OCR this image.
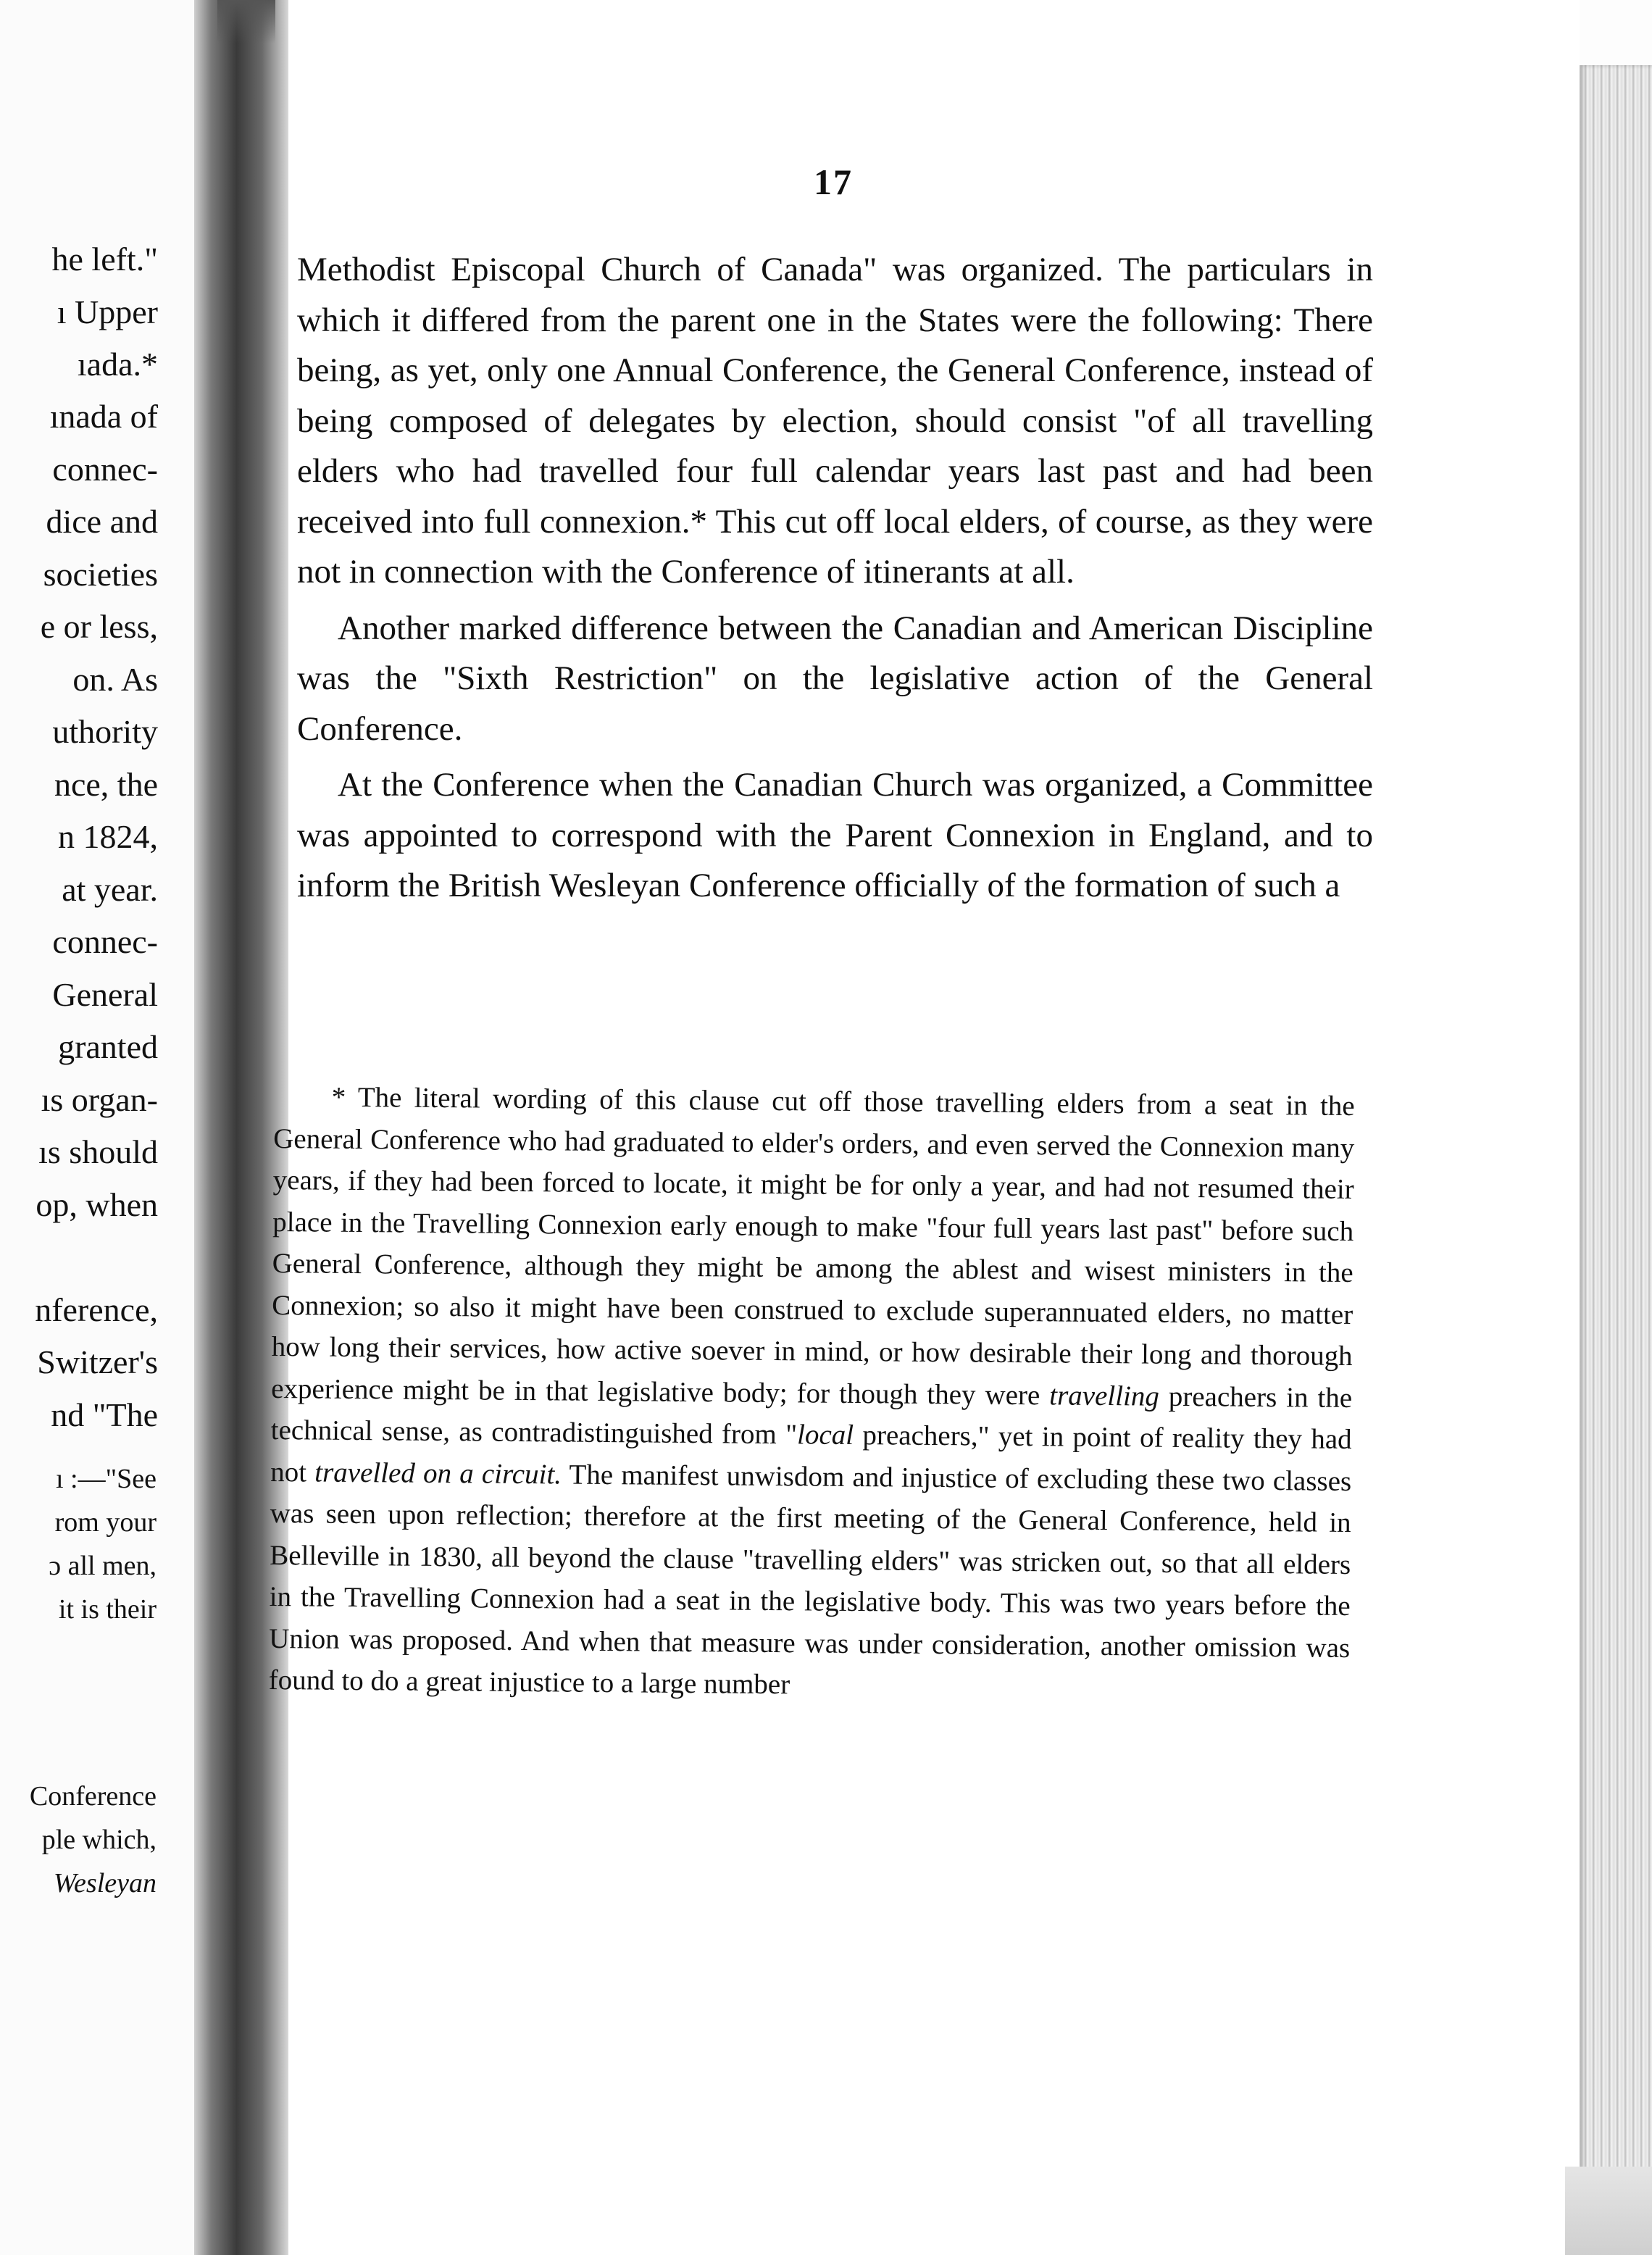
he left."
ı Upper
ıada.*
ınada of
connec-
dice and
societies
e or less,
on. As
uthority
nce, the
n 1824,
at year.
connec-
General
granted
ıs organ-
ıs should
op, when
nference,
Switzer's
nd "The
ı :—"See
rom your
ɔ all men,
it is their
Conference
ple which,
Wesleyan
17

Methodist Episcopal Church of Canada" was organized. The particulars in which it differed from the parent one in the States were the following: There being, as yet, only one Annual Conference, the General Conference, instead of being composed of delegates by election, should consist "of all travelling elders who had travelled four full calendar years last past and had been received into full connexion.* This cut off local elders, of course, as they were not in connection with the Conference of itinerants at all.

Another marked difference between the Canadian and American Discipline was the "Sixth Restriction" on the legislative action of the General Conference.

At the Conference when the Canadian Church was organized, a Committee was appointed to correspond with the Parent Connexion in England, and to inform the British Wesleyan Conference officially of the formation of such a

* The literal wording of this clause cut off those travelling elders from a seat in the General Conference who had graduated to elder's orders, and even served the Connexion many years, if they had been forced to locate, it might be for only a year, and had not resumed their place in the Travelling Connexion early enough to make "four full years last past" before such General Conference, although they might be among the ablest and wisest ministers in the Connexion; so also it might have been construed to exclude superannuated elders, no matter how long their services, how active soever in mind, or how desirable their long and thorough experience might be in that legislative body; for though they were travelling preachers in the technical sense, as contradistinguished from "local preachers," yet in point of reality they had not travelled on a circuit. The manifest unwisdom and injustice of excluding these two classes was seen upon reflection; therefore at the first meeting of the General Conference, held in Belleville in 1830, all beyond the clause "travelling elders" was stricken out, so that all elders in the Travelling Connexion had a seat in the legislative body. This was two years before the Union was proposed. And when that measure was under consideration, another omission was found to do a great injustice to a large number
